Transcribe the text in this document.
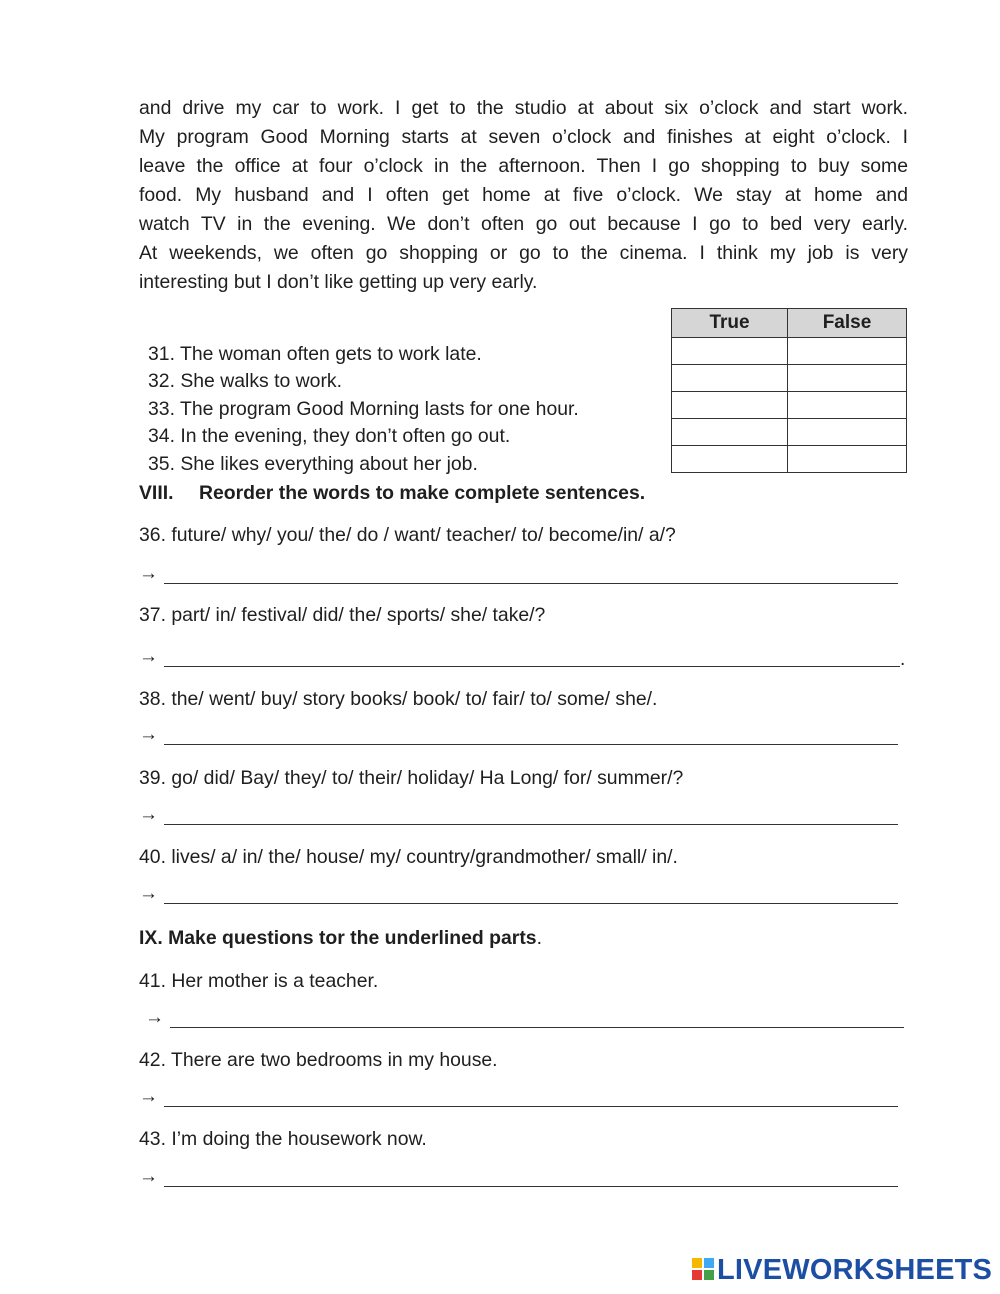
and drive my car to work. I get to the studio at about six o’clock and start work.
My program Good Morning starts at seven o’clock and finishes at eight o’clock. I
leave the office at four o’clock in the afternoon. Then I go shopping to buy some
food. My husband and I often get home at five o’clock. We stay at home and
watch TV in the evening. We don’t often go out because I go to bed very early.
At weekends, we often go shopping or go to the cinema. I think my job is very
interesting but I don’t like getting up very early.
True	False

31. The woman often gets to work late.
32. She walks to work.
33. The program Good Morning lasts for one hour.
34. In the evening, they don’t often go out.
35. She likes everything about her job.
VIII. Reorder the words to make complete sentences.
36. future/ why/ you/ the/ do / want/ teacher/ to/ become/in/ a/?
→
37. part/ in/ festival/ did/ the/ sports/ she/ take/?
→	.
38. the/ went/ buy/ story books/ book/ to/ fair/ to/ some/ she/.
→
39. go/ did/ Bay/ they/ to/ their/ holiday/ Ha Long/ for/ summer/?
→
40. lives/ a/ in/ the/ house/ my/ country/grandmother/ small/ in/.
→
IX. Make questions tor the underlined parts.
41. Her mother is a teacher.
→
42. There are two bedrooms in my house.
→
43. I’m doing the housework now.
→
LIVEWORKSHEETS
